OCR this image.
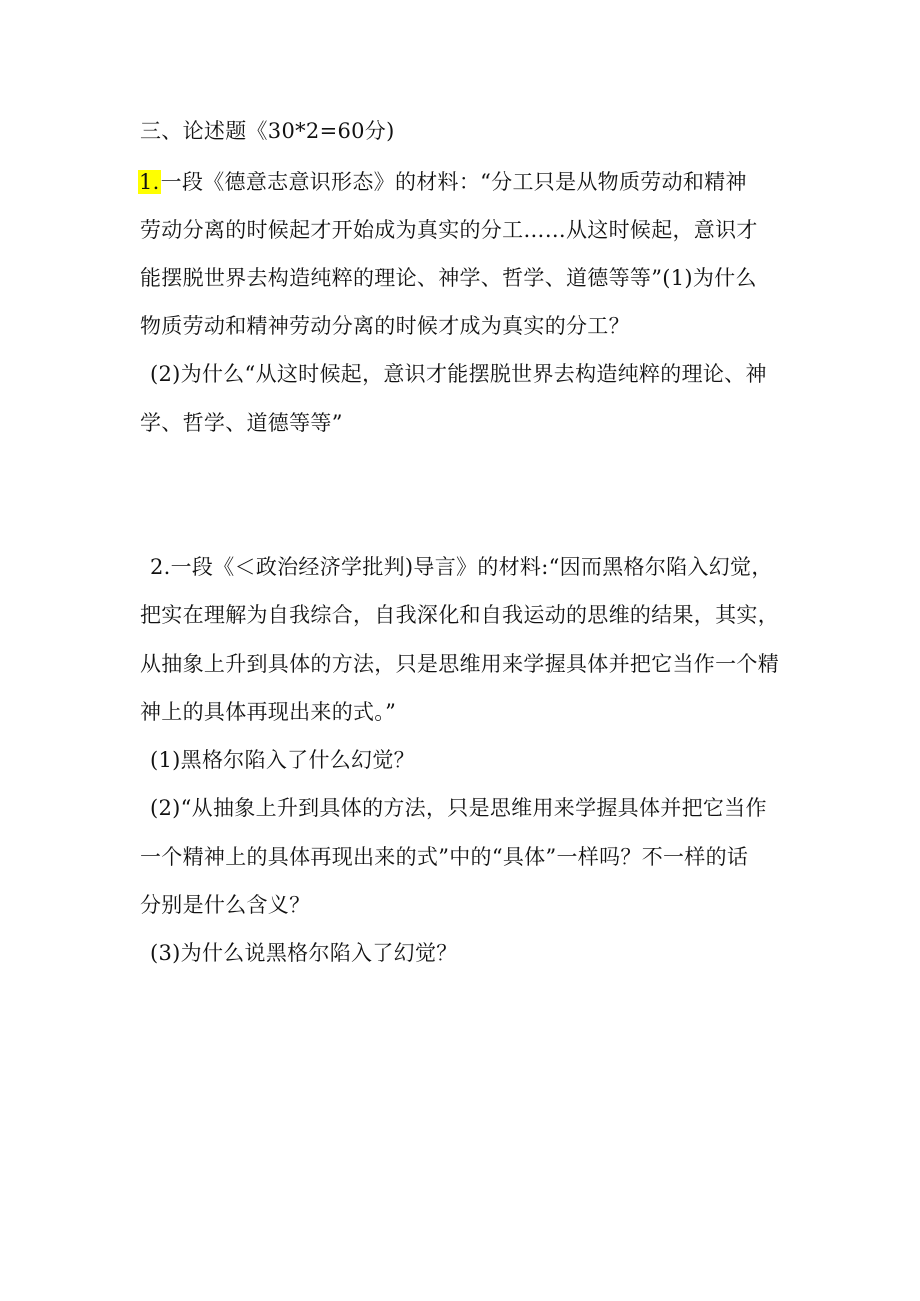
三、论述题《30*2=60分)
1.一段《德意志意识形态》的材料：“分工只是从物质劳动和精神
劳动分离的时候起才开始成为真实的分工……从这时候起，意识才
能摆脱世界去构造纯粹的理论、神学、哲学、道德等等”(1)为什么
物质劳动和精神劳动分离的时候才成为真实的分工？
(2)为什么“从这时候起，意识才能摆脱世界去构造纯粹的理论、神
学、哲学、道德等等”
2.一段《＜政治经济学批判)导言》的材料:“因而黑格尔陷入幻觉，
把实在理解为自我综合，自我深化和自我运动的思维的结果，其实，
从抽象上升到具体的方法，只是思维用来学握具体并把它当作一个精
神上的具体再现出来的式。”
(1)黑格尔陷入了什么幻觉？
(2)“从抽象上升到具体的方法，只是思维用来学握具体并把它当作
一个精神上的具体再现出来的式”中的“具体”一样吗？不一样的话
分别是什么含义？
(3)为什么说黑格尔陷入了幻觉？
